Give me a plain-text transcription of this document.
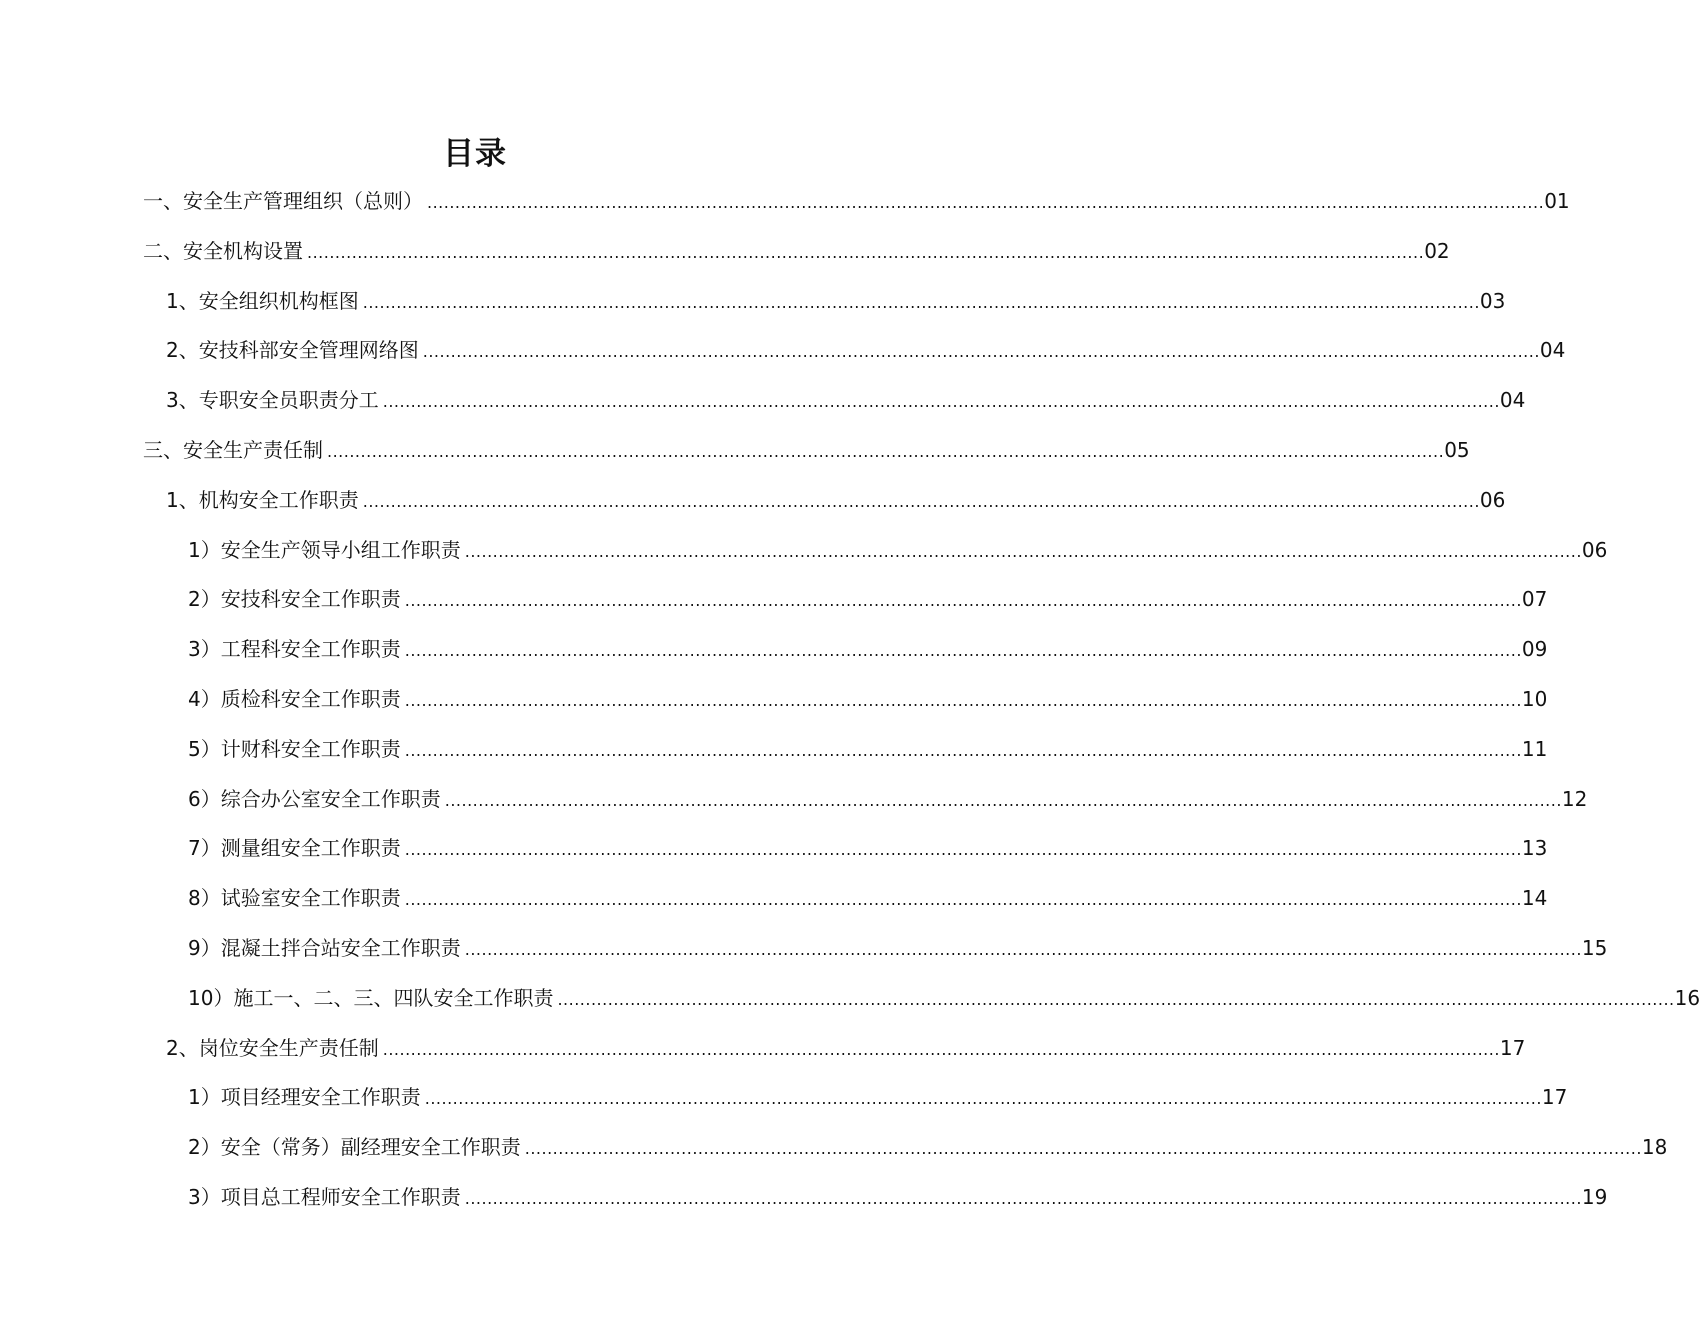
目录
一、安全生产管理组织（总则） ........................................................................................................................................................................................................ 01
二、安全机构设置 ........................................................................................................................................................................................................ 02
1、安全组织机构框图 ........................................................................................................................................................................................................ 03
2、安技科部安全管理网络图 ........................................................................................................................................................................................................ 04
3、专职安全员职责分工 ........................................................................................................................................................................................................ 04
三、安全生产责任制 ........................................................................................................................................................................................................ 05
1、机构安全工作职责 ........................................................................................................................................................................................................ 06
1）安全生产领导小组工作职责 ........................................................................................................................................................................................................ 06
2）安技科安全工作职责 ........................................................................................................................................................................................................ 07
3）工程科安全工作职责 ........................................................................................................................................................................................................ 09
4）质检科安全工作职责 ........................................................................................................................................................................................................ 10
5）计财科安全工作职责 ........................................................................................................................................................................................................ 11
6）综合办公室安全工作职责 ........................................................................................................................................................................................................ 12
7）测量组安全工作职责 ........................................................................................................................................................................................................ 13
8）试验室安全工作职责 ........................................................................................................................................................................................................ 14
9）混凝土拌合站安全工作职责 ........................................................................................................................................................................................................ 15
10）施工一、二、三、四队安全工作职责 ........................................................................................................................................................................................................ 16
2、岗位安全生产责任制 ........................................................................................................................................................................................................ 17
1）项目经理安全工作职责 ........................................................................................................................................................................................................ 17
2）安全（常务）副经理安全工作职责 ........................................................................................................................................................................................................ 18
3）项目总工程师安全工作职责 ........................................................................................................................................................................................................ 19
